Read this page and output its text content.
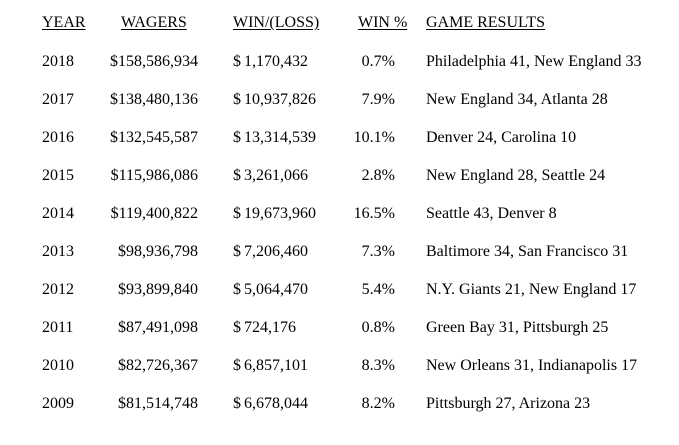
YEAR WAGERS	WIN/(LOSS) WIN % GAME RESULTS
2018 $158,586,934 $ 1,170,432	0.7% Philadelphia 41, New England 33
2017 $138,480,136 $ 10,937,826	7.9% New England 34, Atlanta 28
2016 $132,545,587 $ 13,314,539 10.1% Denver 24, Carolina 10
2015 $115,986,086 $ 3,261,066	2.8% New England 28, Seattle 24
2014 $119,400,822 $ 19,673,960 16.5% Seattle 43, Denver 8
2013	$98,936,798 $ 7,206,460	7.3% Baltimore 34, San Francisco 31
2012	$93,899,840 $ 5,064,470	5.4% N.Y. Giants 21, New England 17
2011	$87,491,098 $ 724,176	0.8% Green Bay 31, Pittsburgh 25
2010	$82,726,367 $ 6,857,101	8.3% New Orleans 31, Indianapolis 17
2009	$81,514,748 $ 6,678,044	8.2% Pittsburgh 27, Arizona 23
